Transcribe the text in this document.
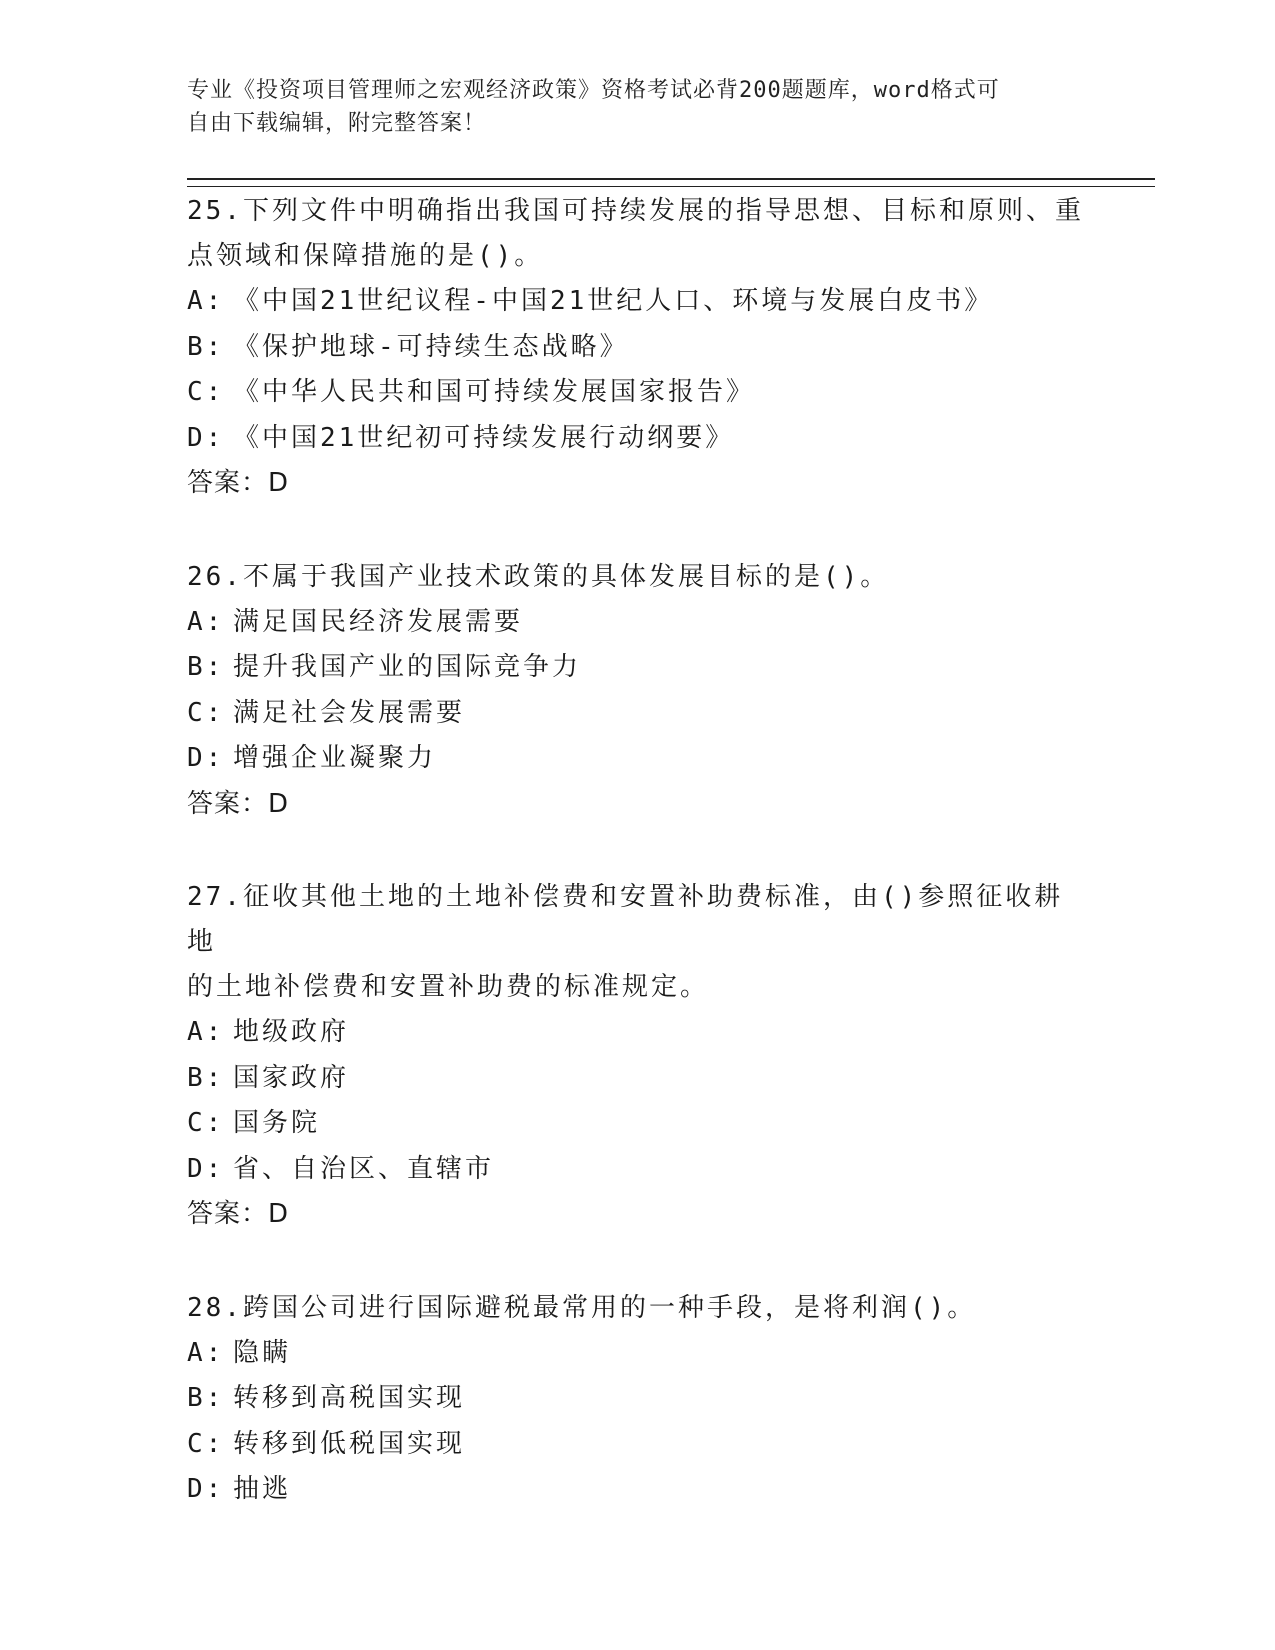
专业《投资项目管理师之宏观经济政策》资格考试必背200题题库，word格式可
自由下载编辑，附完整答案！
25.下列文件中明确指出我国可持续发展的指导思想、目标和原则、重
点领域和保障措施的是()。
A: 《中国21世纪议程-中国21世纪人口、环境与发展白皮书》
B: 《保护地球-可持续生态战略》
C: 《中华人民共和国可持续发展国家报告》
D: 《中国21世纪初可持续发展行动纲要》
答案：D
26.不属于我国产业技术政策的具体发展目标的是()。
A: 满足国民经济发展需要
B: 提升我国产业的国际竞争力
C: 满足社会发展需要
D: 增强企业凝聚力
答案：D
27.征收其他土地的土地补偿费和安置补助费标准，由()参照征收耕地
的土地补偿费和安置补助费的标准规定。
A: 地级政府
B: 国家政府
C: 国务院
D: 省、自治区、直辖市
答案：D
28.跨国公司进行国际避税最常用的一种手段，是将利润()。
A: 隐瞒
B: 转移到高税国实现
C: 转移到低税国实现
D: 抽逃
